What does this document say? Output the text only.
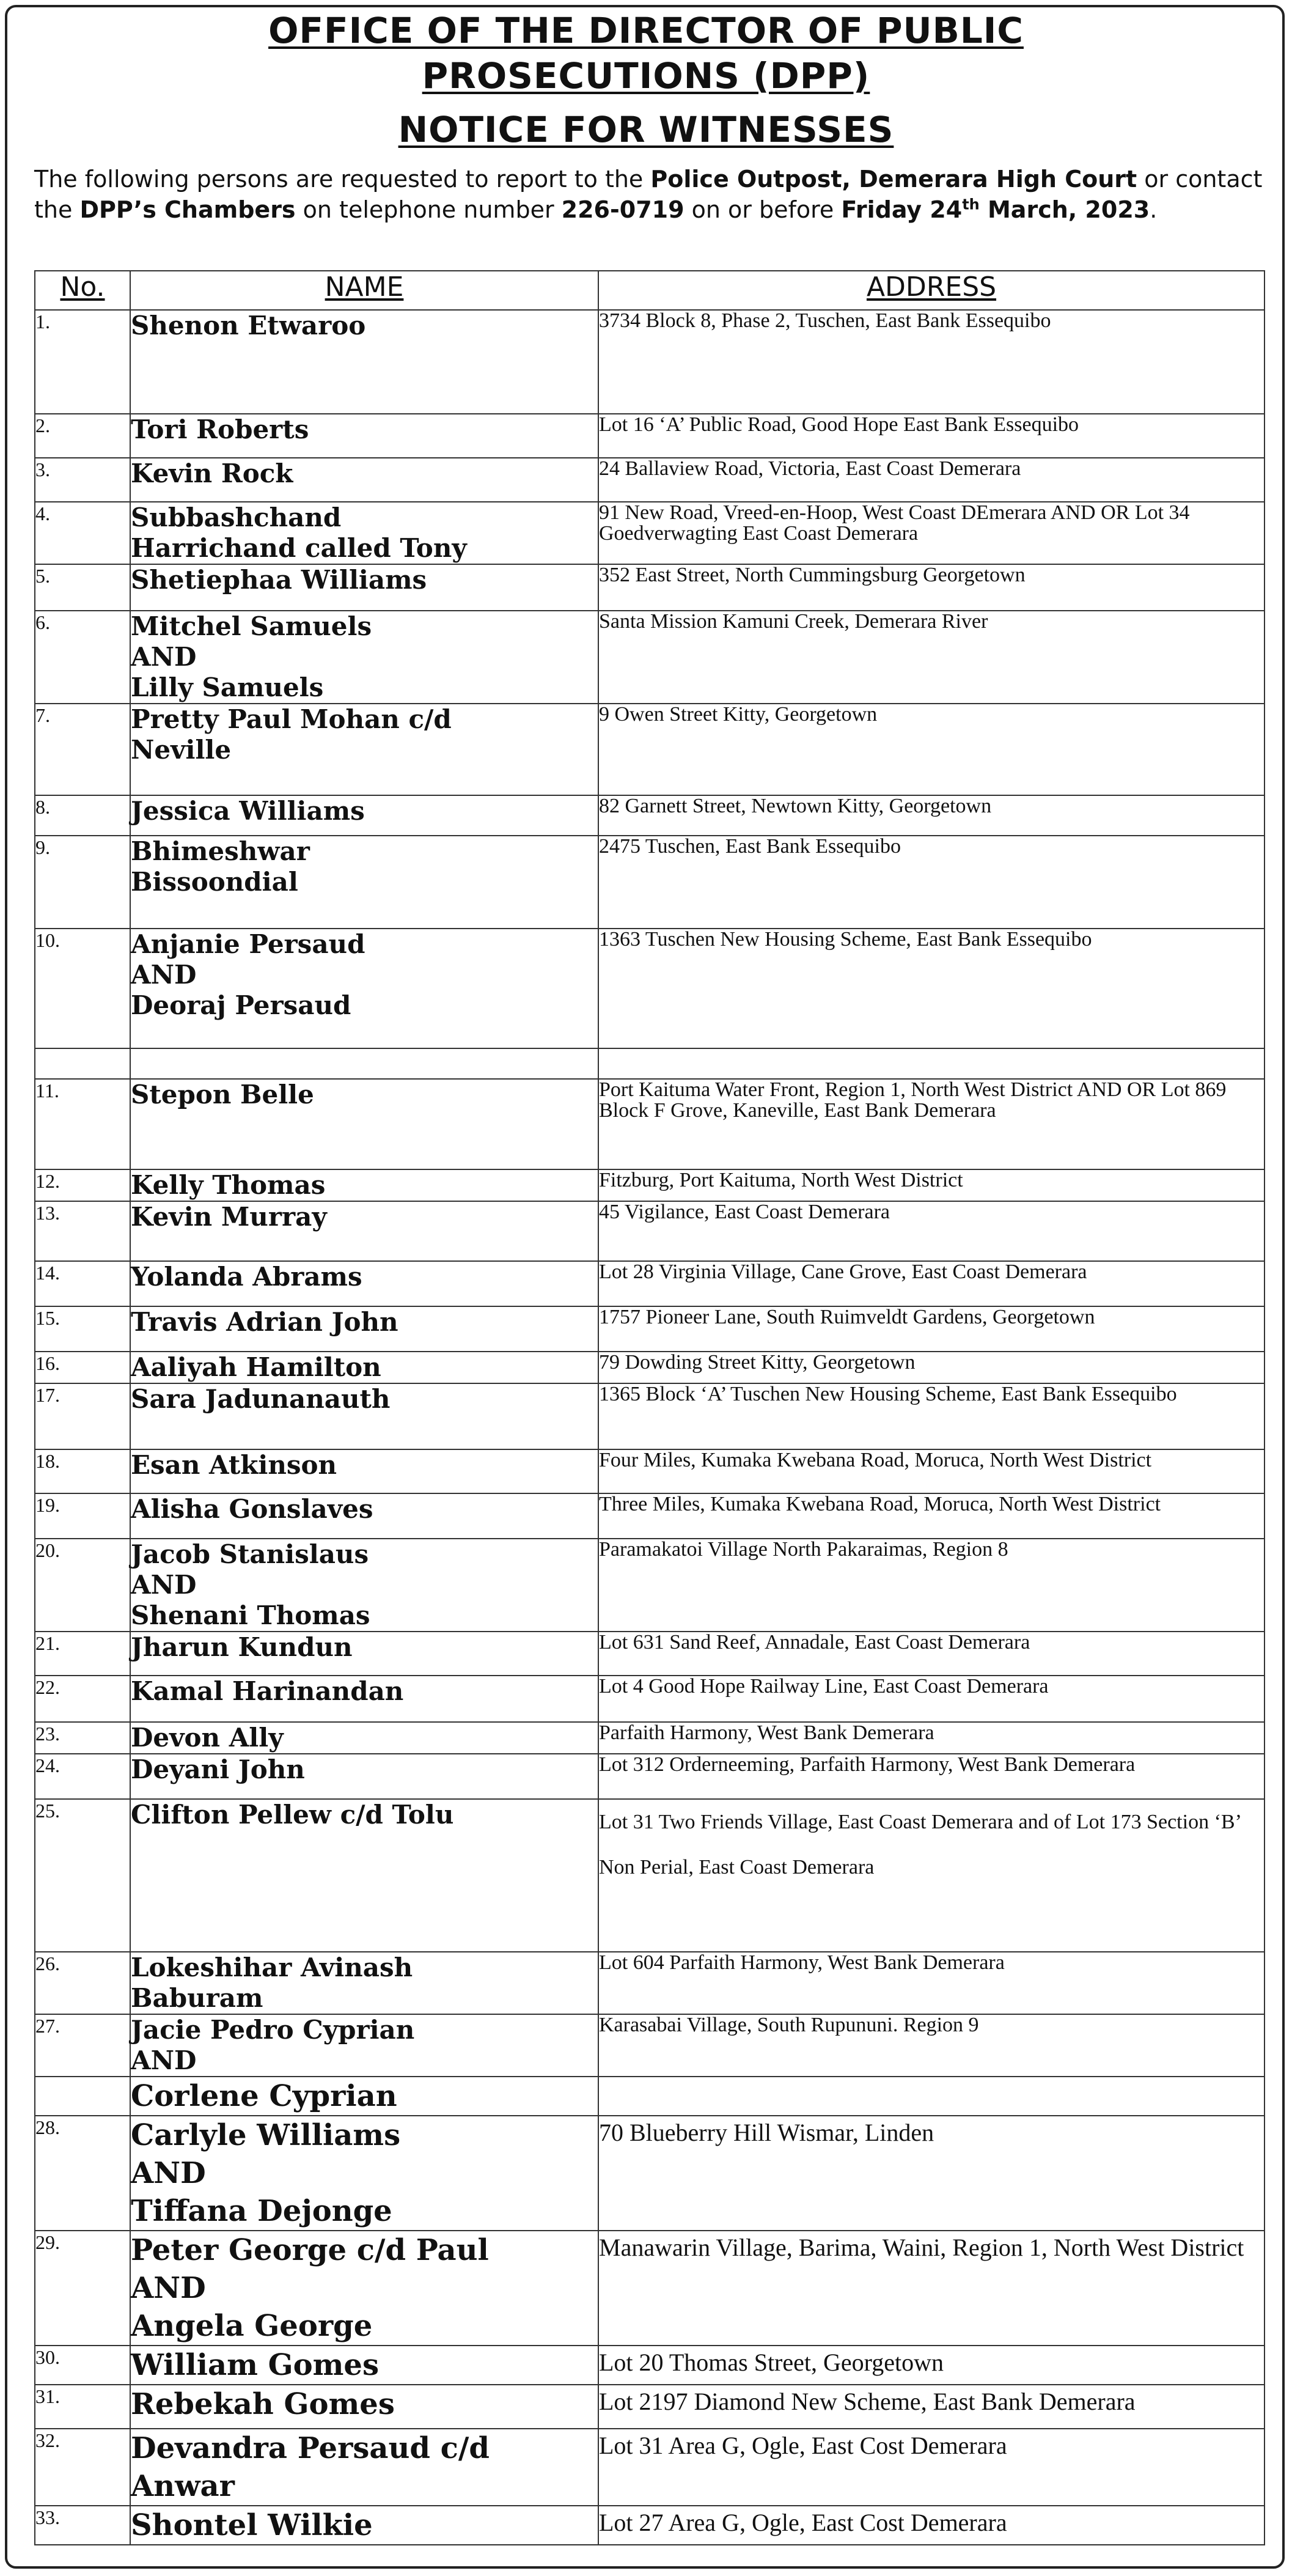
OFFICE OF THE DIRECTOR OF PUBLIC
PROSECUTIONS (DPP)
NOTICE FOR WITNESSES
The following persons are requested to report to the Police Outpost, Demerara High Court or contact the DPP’s Chambers on telephone number 226-0719 on or before Friday 24th March, 2023.
No.	NAME	ADDRESS
1.	Shenon Etwaroo	3734 Block 8, Phase 2, Tuschen, East Bank Essequibo
2.	Tori Roberts	Lot 16 ‘A’ Public Road, Good Hope East Bank Essequibo
3.	Kevin Rock	24 Ballaview Road, Victoria, East Coast Demerara
4.	Subbashchand
Harrichand called Tony	91 New Road, Vreed-en-Hoop, West Coast DEmerara AND OR Lot 34 Goedverwagting East Coast Demerara
5.	Shetiephaa Williams	352 East Street, North Cummingsburg Georgetown
6.	Mitchel Samuels
AND
Lilly Samuels	Santa Mission Kamuni Creek, Demerara River
7.	Pretty Paul Mohan c/d
Neville	9 Owen Street Kitty, Georgetown
8.	Jessica Williams	82 Garnett Street, Newtown Kitty, Georgetown
9.	Bhimeshwar
Bissoondial	2475 Tuschen, East Bank Essequibo
10.	Anjanie Persaud
AND
Deoraj Persaud	1363 Tuschen New Housing Scheme, East Bank Essequibo

11.	Stepon Belle	Port Kaituma Water Front, Region 1, North West District AND OR Lot 869 Block F Grove, Kaneville, East Bank Demerara
12.	Kelly Thomas	Fitzburg, Port Kaituma, North West District
13.	Kevin Murray	45 Vigilance, East Coast Demerara
14.	Yolanda Abrams	Lot 28 Virginia Village, Cane Grove, East Coast Demerara
15.	Travis Adrian John	1757 Pioneer Lane, South Ruimveldt Gardens, Georgetown
16.	Aaliyah Hamilton	79 Dowding Street Kitty, Georgetown
17.	Sara Jadunanauth	1365 Block ‘A’ Tuschen New Housing Scheme, East Bank Essequibo
18.	Esan Atkinson	Four Miles, Kumaka Kwebana Road, Moruca, North West District
19.	Alisha Gonslaves	Three Miles, Kumaka Kwebana Road, Moruca, North West District
20.	Jacob Stanislaus
AND
Shenani Thomas	Paramakatoi Village North Pakaraimas, Region 8
21.	Jharun Kundun	Lot 631 Sand Reef, Annadale, East Coast Demerara
22.	Kamal Harinandan	Lot 4 Good Hope Railway Line, East Coast Demerara
23.	Devon Ally	Parfaith Harmony, West Bank Demerara
24.	Deyani John	Lot 312 Orderneeming, Parfaith Harmony, West Bank Demerara
25.	Clifton Pellew c/d Tolu	Lot 31 Two Friends Village, East Coast Demerara and of Lot 173 Section ‘B’ Non Perial, East Coast Demerara
26.	Lokeshihar Avinash
Baburam	Lot 604 Parfaith Harmony, West Bank Demerara
27.	Jacie Pedro Cyprian
AND	Karasabai Village, South Rupununi. Region 9

	Corlene Cyprian	

28.	Carlyle Williams
AND
Tiffana Dejonge	70 Blueberry Hill Wismar, Linden
29.	Peter George c/d Paul
AND
Angela George	Manawarin Village, Barima, Waini, Region 1, North West District
30.	William Gomes	Lot 20 Thomas Street, Georgetown
31.	Rebekah Gomes	Lot 2197 Diamond New Scheme, East Bank Demerara
32.	Devandra Persaud c/d
Anwar	Lot 31 Area G, Ogle, East Cost Demerara
33.	Shontel Wilkie	Lot 27 Area G, Ogle, East Cost Demerara
